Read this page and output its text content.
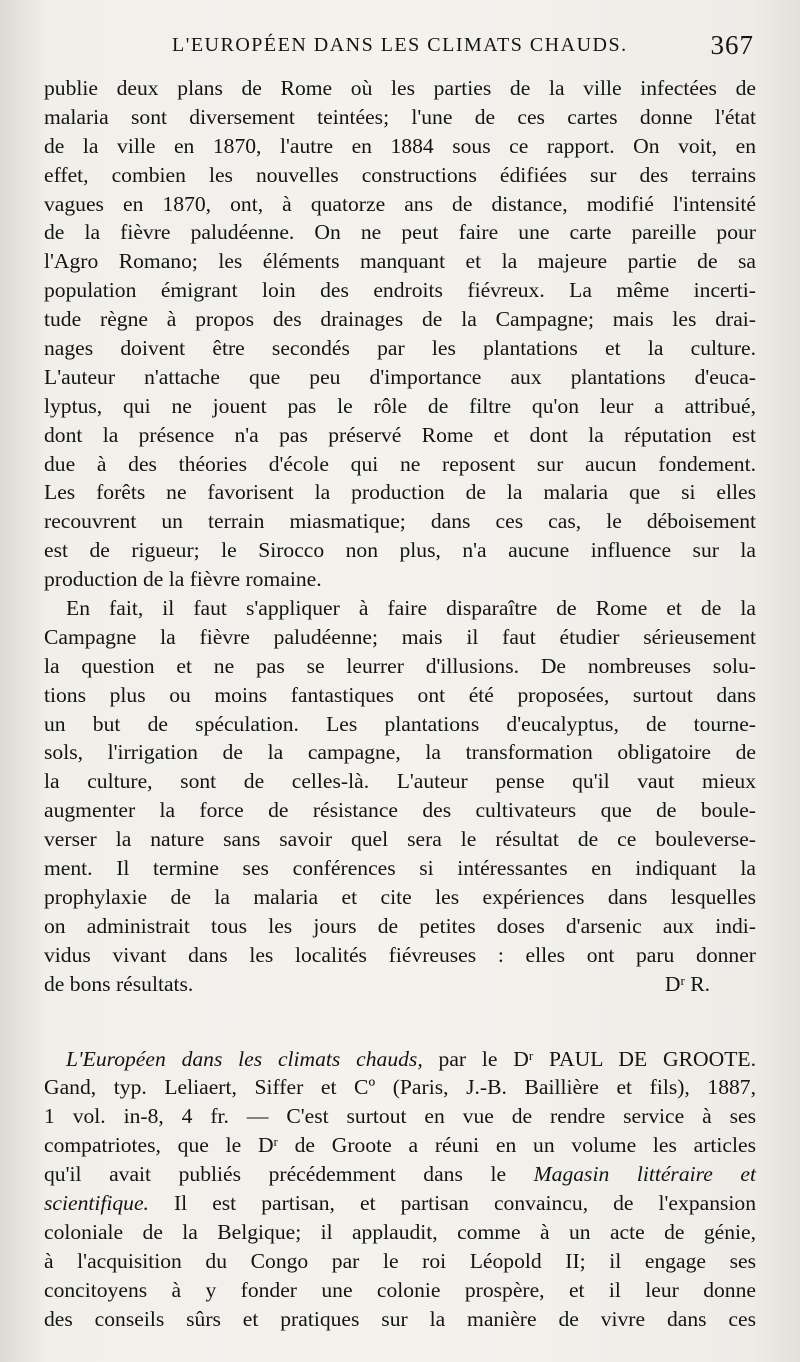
L'EUROPÉEN DANS LES CLIMATS CHAUDS.	367
publie deux plans de Rome où les parties de la ville infectées de
malaria sont diversement teintées; l'une de ces cartes donne l'état
de la ville en 1870, l'autre en 1884 sous ce rapport. On voit, en
effet, combien les nouvelles constructions édifiées sur des terrains
vagues en 1870, ont, à quatorze ans de distance, modifié l'intensité
de la fièvre paludéenne. On ne peut faire une carte pareille pour
l'Agro Romano; les éléments manquant et la majeure partie de sa
population émigrant loin des endroits fiévreux. La même incerti-
tude règne à propos des drainages de la Campagne; mais les drai-
nages doivent être secondés par les plantations et la culture.
L'auteur n'attache que peu d'importance aux plantations d'euca-
lyptus, qui ne jouent pas le rôle de filtre qu'on leur a attribué,
dont la présence n'a pas préservé Rome et dont la réputation est
due à des théories d'école qui ne reposent sur aucun fondement.
Les forêts ne favorisent la production de la malaria que si elles
recouvrent un terrain miasmatique; dans ces cas, le déboisement
est de rigueur; le Sirocco non plus, n'a aucune influence sur la
production de la fièvre romaine.
En fait, il faut s'appliquer à faire disparaître de Rome et de la
Campagne la fièvre paludéenne; mais il faut étudier sérieusement
la question et ne pas se leurrer d'illusions. De nombreuses solu-
tions plus ou moins fantastiques ont été proposées, surtout dans
un but de spéculation. Les plantations d'eucalyptus, de tourne-
sols, l'irrigation de la campagne, la transformation obligatoire de
la culture, sont de celles-là. L'auteur pense qu'il vaut mieux
augmenter la force de résistance des cultivateurs que de boule-
verser la nature sans savoir quel sera le résultat de ce bouleverse-
ment. Il termine ses conférences si intéressantes en indiquant la
prophylaxie de la malaria et cite les expériences dans lesquelles
on administrait tous les jours de petites doses d'arsenic aux indi-
vidus vivant dans les localités fiévreuses : elles ont paru donner
de bons résultats.	$D^r$ R.
L'Européen dans les climats chauds, par le $D^r$ PAUL DE GROOTE.
Gand, typ. Leliaert, Siffer et Cº (Paris, J.-B. Baillière et fils), 1887,
1 vol. in-8, 4 fr. — C'est surtout en vue de rendre service à ses
compatriotes, que le $D^r$ de Groote a réuni en un volume les articles
qu'il avait publiés précédemment dans le Magasin littéraire et
scientifique. Il est partisan, et partisan convaincu, de l'expansion
coloniale de la Belgique; il applaudit, comme à un acte de génie,
à l'acquisition du Congo par le roi Léopold II; il engage ses
concitoyens à y fonder une colonie prospère, et il leur donne
des conseils sûrs et pratiques sur la manière de vivre dans ces
